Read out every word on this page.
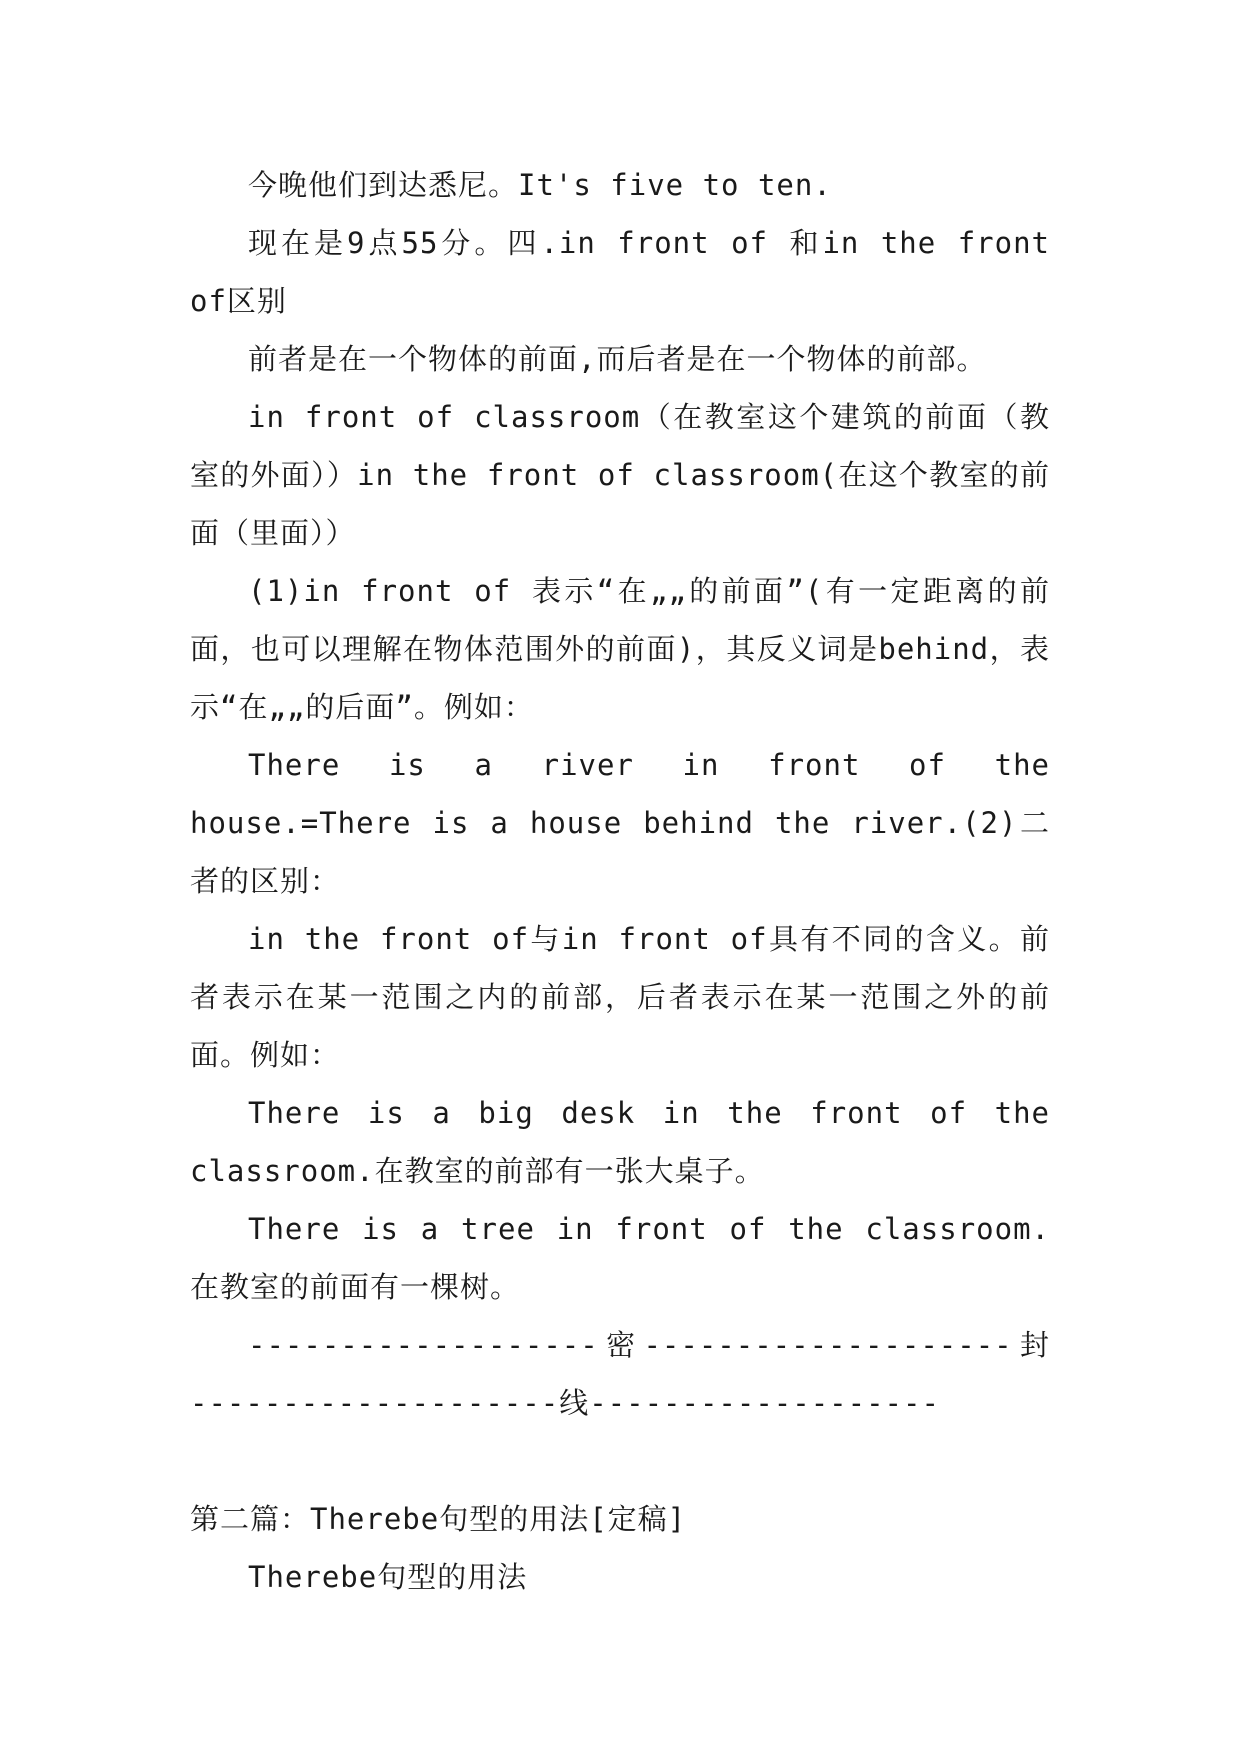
今晚他们到达悉尼。It's five to ten.

现在是9点55分。四.in front of 和in the front of区别

前者是在一个物体的前面,而后者是在一个物体的前部。

in front of classroom（在教室这个建筑的前面（教室的外面））in the front of classroom(在这个教室的前面（里面））

(1)in front of 表示“在„„的前面”(有一定距离的前面，也可以理解在物体范围外的前面)，其反义词是behind，表示“在„„的后面”。例如：

There is a river in front of the house.=There is a house behind the river.(2)二者的区别：

in the front of与in front of具有不同的含义。前者表示在某一范围之内的前部，后者表示在某一范围之外的前面。例如：

There is a big desk in the front of the classroom.在教室的前部有一张大桌子。

There is a tree in front of the classroom.在教室的前面有一棵树。

------------------- 密 -------------------- 封

--------------------线-------------------

第二篇：Therebe句型的用法[定稿]

Therebe句型的用法
